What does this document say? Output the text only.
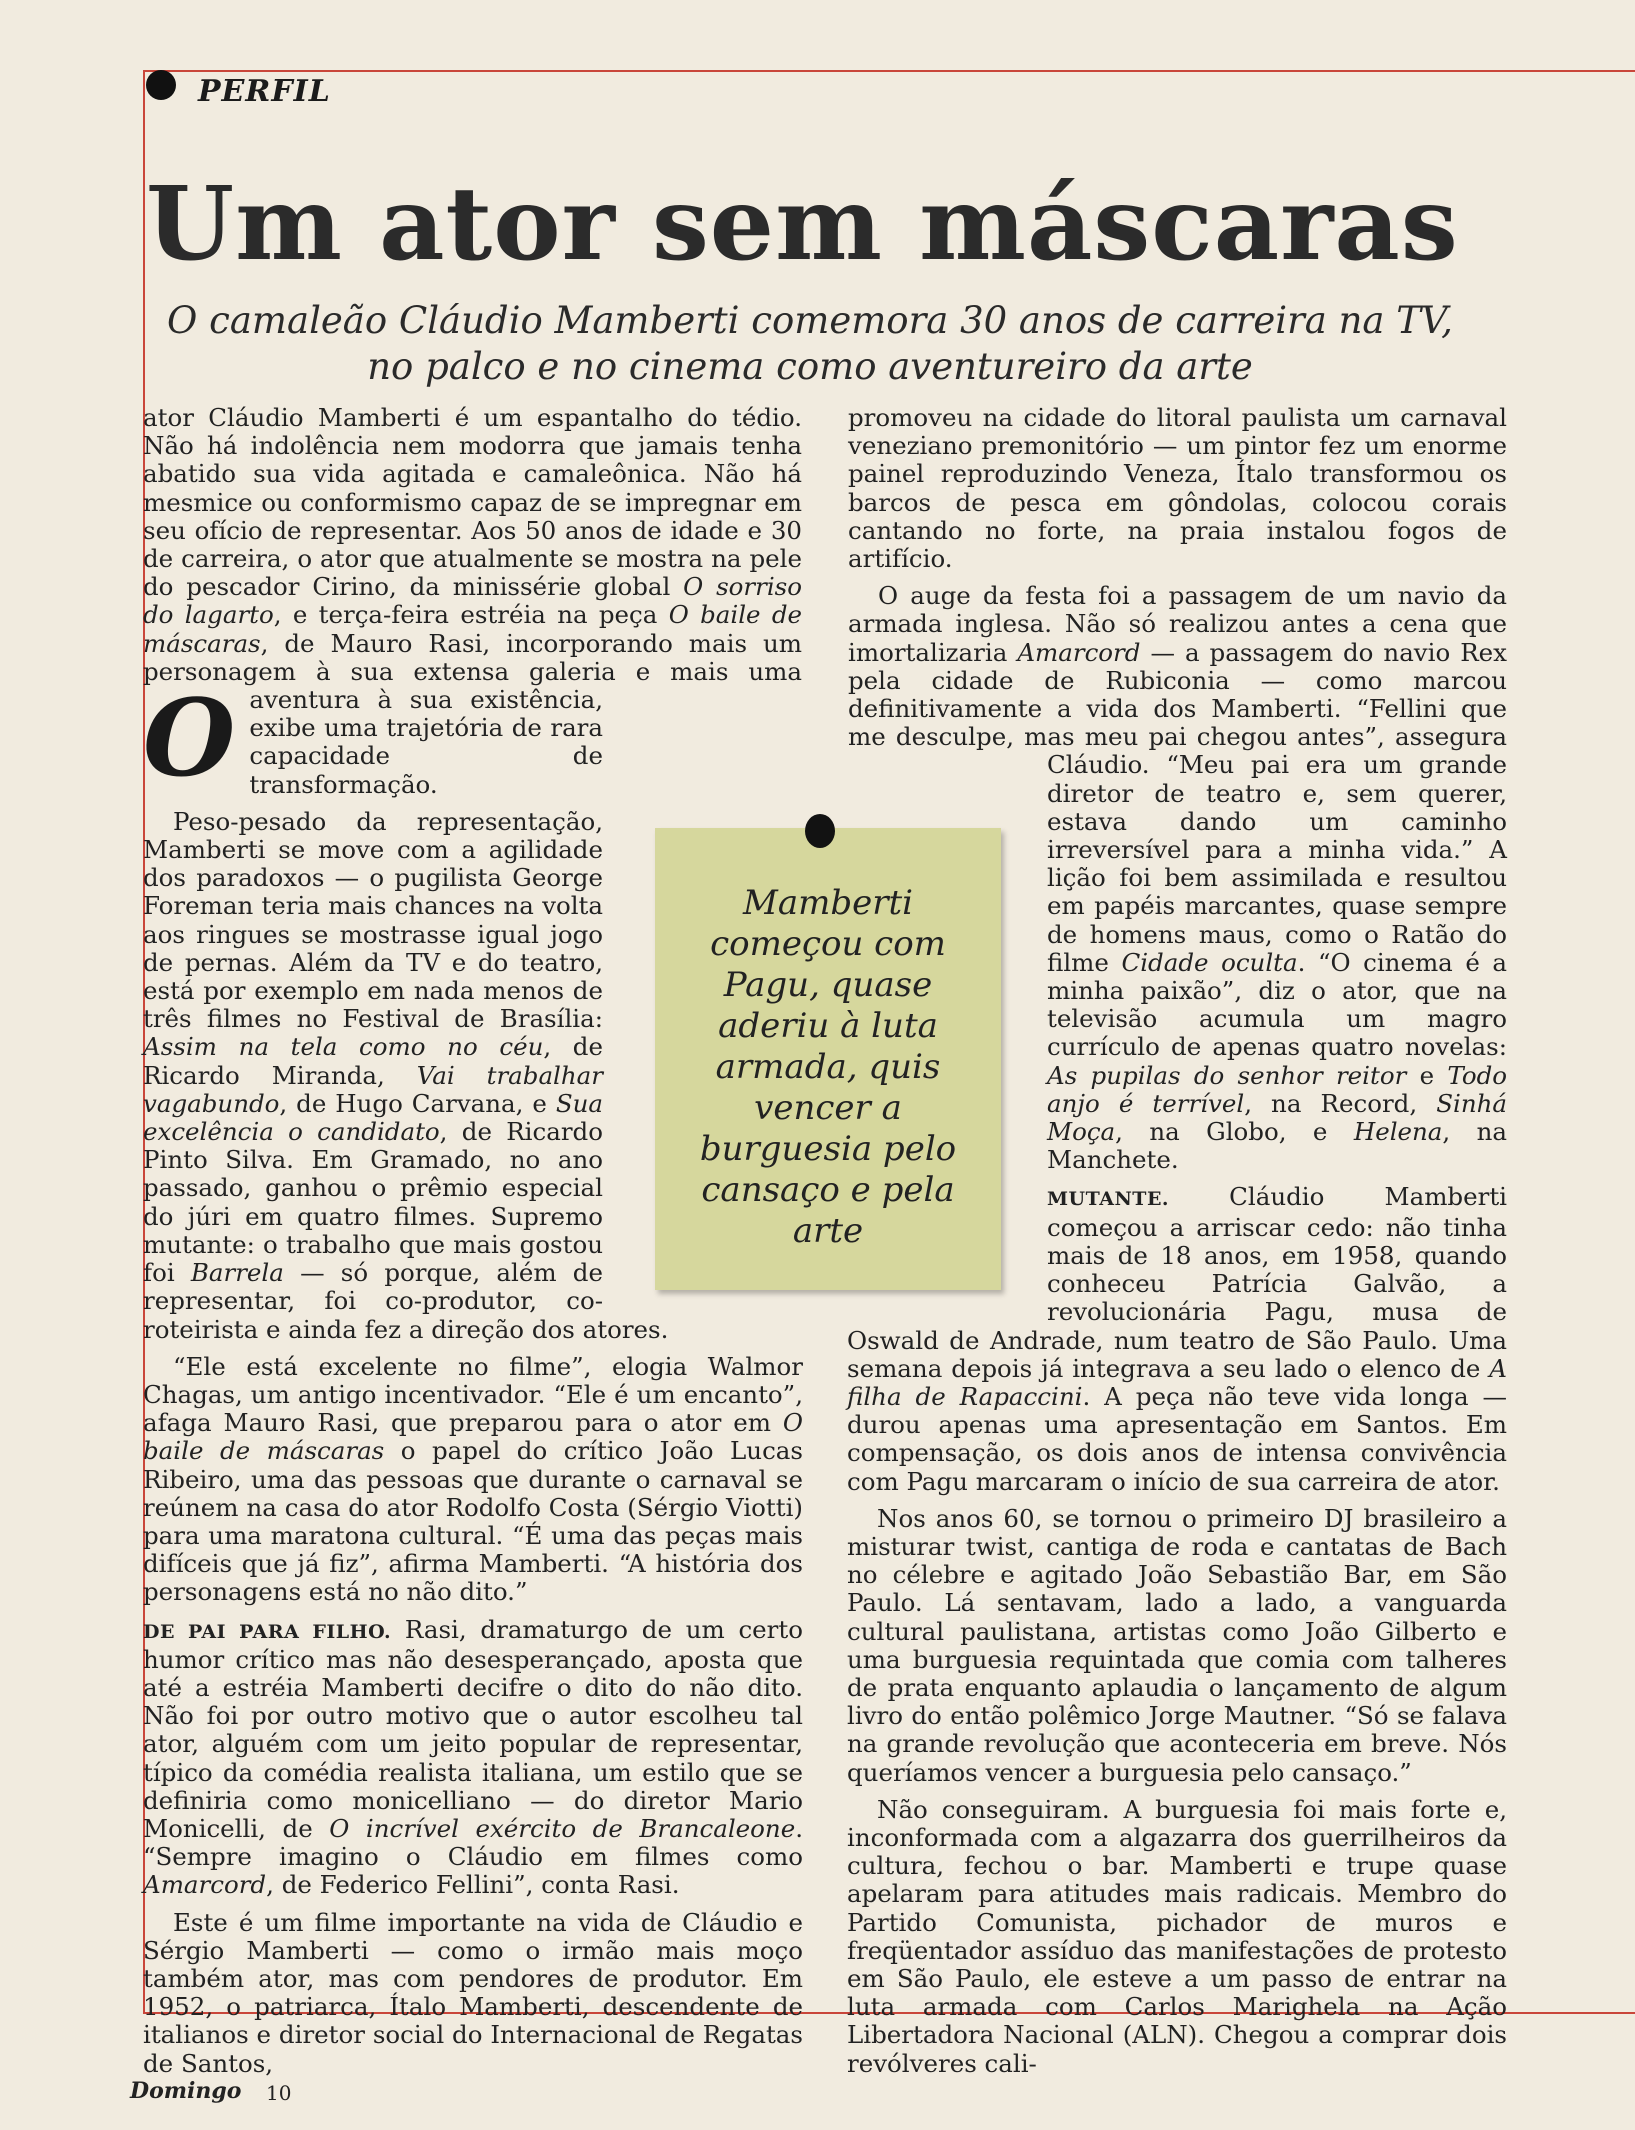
PERFIL
Um ator sem máscaras
O camaleão Cláudio Mamberti comemora 30 anos de carreira na TV, no palco e no cinema como aventureiro da arte

O
ator Cláudio Mamberti é um espantalho do tédio. Não há indolência nem modorra que jamais tenha abatido sua vida agitada e camaleônica. Não há mesmice ou conformismo capaz de se impregnar em seu ofício de representar. Aos 50 anos de idade e 30 de carreira, o ator que atualmente se mostra na pele do pescador Cirino, da minissérie global O sorriso do lagarto, e terça-feira estréia na peça O baile de máscaras, de Mauro Rasi, incorporando mais um personagem à sua extensa galeria e mais uma aventura à sua existência, exibe uma trajetória de rara capacidade de transformação.

Peso-pesado da representação, Mamberti se move com a agilidade dos paradoxos — o pugilista George Foreman teria mais chances na volta aos ringues se mostrasse igual jogo de pernas. Além da TV e do teatro, está por exemplo em nada menos de três filmes no Festival de Brasília: Assim na tela como no céu, de Ricardo Miranda, Vai trabalhar vagabundo, de Hugo Carvana, e Sua excelência o candidato, de Ricardo Pinto Silva. Em Gramado, no ano passado, ganhou o prêmio especial do júri em quatro filmes. Supremo mutante: o trabalho que mais gostou foi Barrela — só porque, além de representar, foi co-produtor, co-roteirista e ainda fez a direção dos atores.

“Ele está excelente no filme”, elogia Walmor Chagas, um antigo incentivador. “Ele é um encanto”, afaga Mauro Rasi, que preparou para o ator em O baile de máscaras o papel do crítico João Lucas Ribeiro, uma das pessoas que durante o carnaval se reúnem na casa do ator Rodolfo Costa (Sérgio Viotti) para uma maratona cultural. “É uma das peças mais difíceis que já fiz”, afirma Mamberti. “A história dos personagens está no não dito.”

DE PAI PARA FILHO. Rasi, dramaturgo de um certo humor crítico mas não desesperançado, aposta que até a estréia Mamberti decifre o dito do não dito. Não foi por outro motivo que o autor escolheu tal ator, alguém com um jeito popular de representar, típico da comédia realista italiana, um estilo que se definiria como monicelliano — do diretor Mario Monicelli, de O incrível exército de Brancaleone. “Sempre imagino o Cláudio em filmes como Amarcord, de Federico Fellini”, conta Rasi.

Este é um filme importante na vida de Cláudio e Sérgio Mamberti — como o irmão mais moço também ator, mas com pendores de produtor. Em 1952, o patriarca, Ítalo Mamberti, descendente de italianos e diretor social do Internacional de Regatas de Santos,

promoveu na cidade do litoral paulista um carnaval veneziano premonitório — um pintor fez um enorme painel reproduzindo Veneza, Ítalo transformou os barcos de pesca em gôndolas, colocou corais cantando no forte, na praia instalou fogos de artifício.

O auge da festa foi a passagem de um navio da armada inglesa. Não só realizou antes a cena que imortalizaria Amarcord — a passagem do navio Rex pela cidade de Rubiconia — como marcou definitivamente a vida dos Mamberti. “Fellini que me desculpe, mas meu pai chegou antes”, assegura Cláudio. “Meu pai era um grande diretor de teatro e, sem querer, estava dando um caminho irreversível para a minha vida.” A lição foi bem assimilada e resultou em papéis marcantes, quase sempre de homens maus, como o Ratão do filme Cidade oculta. “O cinema é a minha paixão”, diz o ator, que na televisão acumula um magro currículo de apenas quatro novelas: As pupilas do senhor reitor e Todo anjo é terrível, na Record, Sinhá Moça, na Globo, e Helena, na Manchete.

MUTANTE. Cláudio Mamberti começou a arriscar cedo: não tinha mais de 18 anos, em 1958, quando conheceu Patrícia Galvão, a revolucionária Pagu, musa de Oswald de Andrade, num teatro de São Paulo. Uma semana depois já integrava a seu lado o elenco de A filha de Rapaccini. A peça não teve vida longa — durou apenas uma apresentação em Santos. Em compensação, os dois anos de intensa convivência com Pagu marcaram o início de sua carreira de ator.

Nos anos 60, se tornou o primeiro DJ brasileiro a misturar twist, cantiga de roda e cantatas de Bach no célebre e agitado João Sebastião Bar, em São Paulo. Lá sentavam, lado a lado, a vanguarda cultural paulistana, artistas como João Gilberto e uma burguesia requintada que comia com talheres de prata enquanto aplaudia o lançamento de algum livro do então polêmico Jorge Mautner. “Só se falava na grande revolução que aconteceria em breve. Nós queríamos vencer a burguesia pelo cansaço.”

Não conseguiram. A burguesia foi mais forte e, inconformada com a algazarra dos guerrilheiros da cultura, fechou o bar. Mamberti e trupe quase apelaram para atitudes mais radicais. Membro do Partido Comunista, pichador de muros e freqüentador assíduo das manifestações de protesto em São Paulo, ele esteve a um passo de entrar na luta armada com Carlos Marighela na Ação Libertadora Nacional (ALN). Chegou a comprar dois revólveres cali-

Mamberti começou com Pagu, quase aderiu à luta armada, quis vencer a burguesia pelo cansaço e pela arte
Domingo 10
